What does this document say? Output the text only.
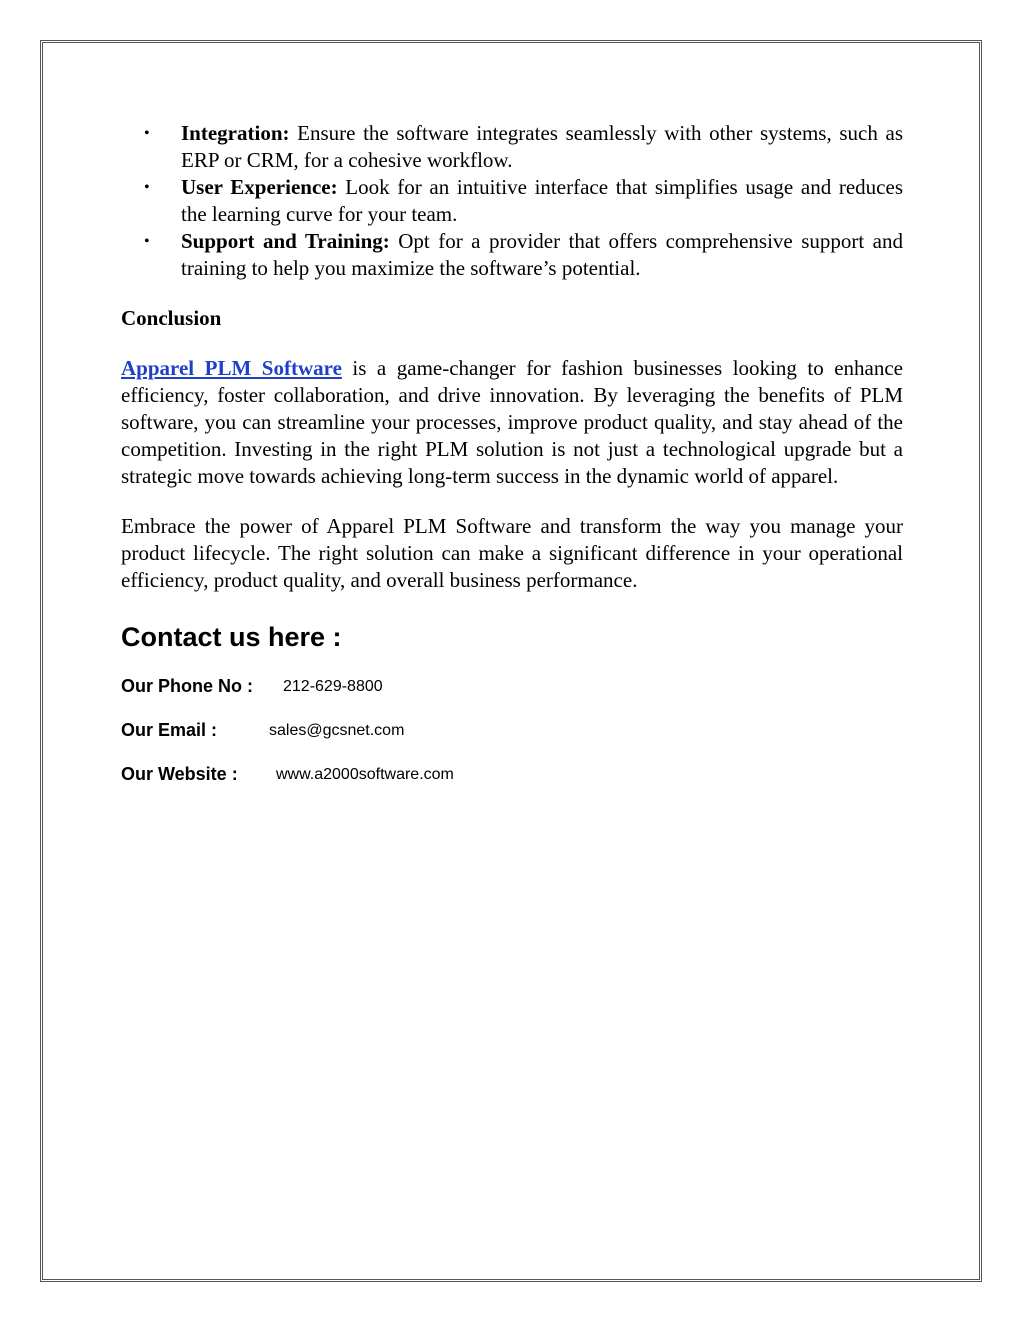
• Integration: Ensure the software integrates seamlessly with other systems, such as ERP or CRM, for a cohesive workflow.
• User Experience: Look for an intuitive interface that simplifies usage and reduces the learning curve for your team.
• Support and Training: Opt for a provider that offers comprehensive support and training to help you maximize the software’s potential.
Conclusion

Apparel PLM Software is a game-changer for fashion businesses looking to enhance efficiency, foster collaboration, and drive innovation. By leveraging the benefits of PLM software, you can streamline your processes, improve product quality, and stay ahead of the competition. Investing in the right PLM solution is not just a technological upgrade but a strategic move towards achieving long-term success in the dynamic world of apparel.

Embrace the power of Apparel PLM Software and transform the way you manage your product lifecycle. The right solution can make a significant difference in your operational efficiency, product quality, and overall business performance.

Contact us here :
Our Phone No : 212-629-8800
Our Email :	sales@gcsnet.com
Our Website : www.a2000software.com
